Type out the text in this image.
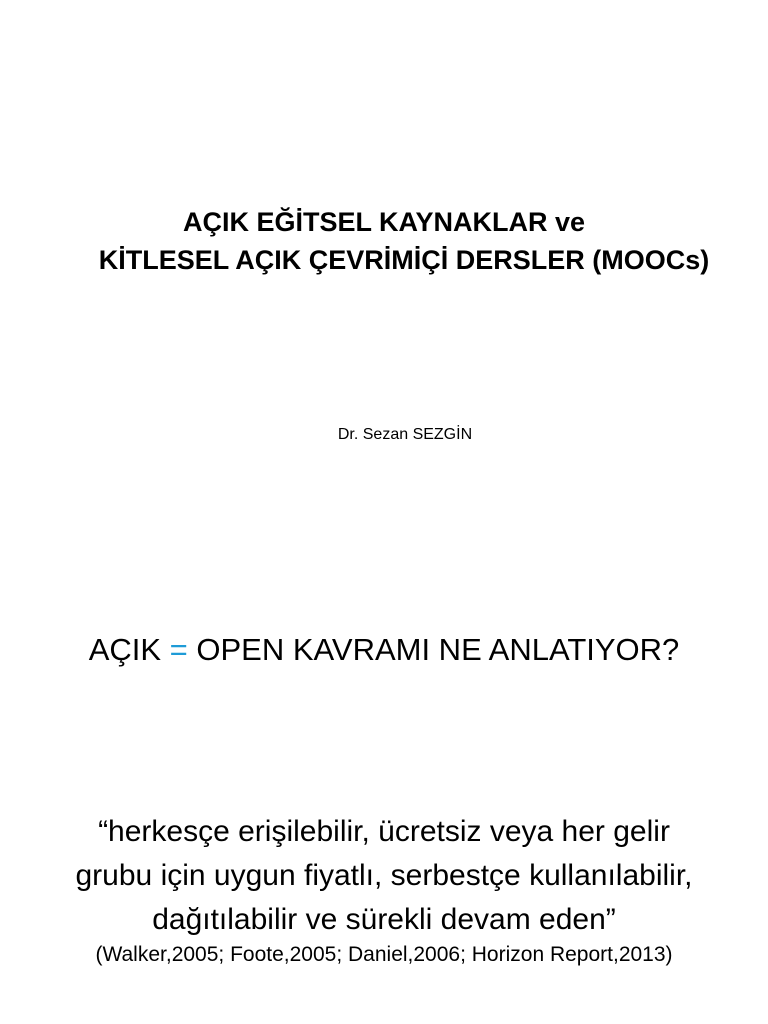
AÇIK EĞİTSEL KAYNAKLAR ve
KİTLESEL AÇIK ÇEVRİMİÇİ DERSLER (MOOCs)

Dr. Sezan SEZGİN

AÇIK = OPEN KAVRAMI NE ANLATIYOR?
“herkesçe erişilebilir, ücretsiz veya her gelir
grubu için uygun fiyatlı, serbestçe kullanılabilir,
dağıtılabilir ve sürekli devam eden”

(Walker,2005; Foote,2005; Daniel,2006; Horizon Report,2013)
